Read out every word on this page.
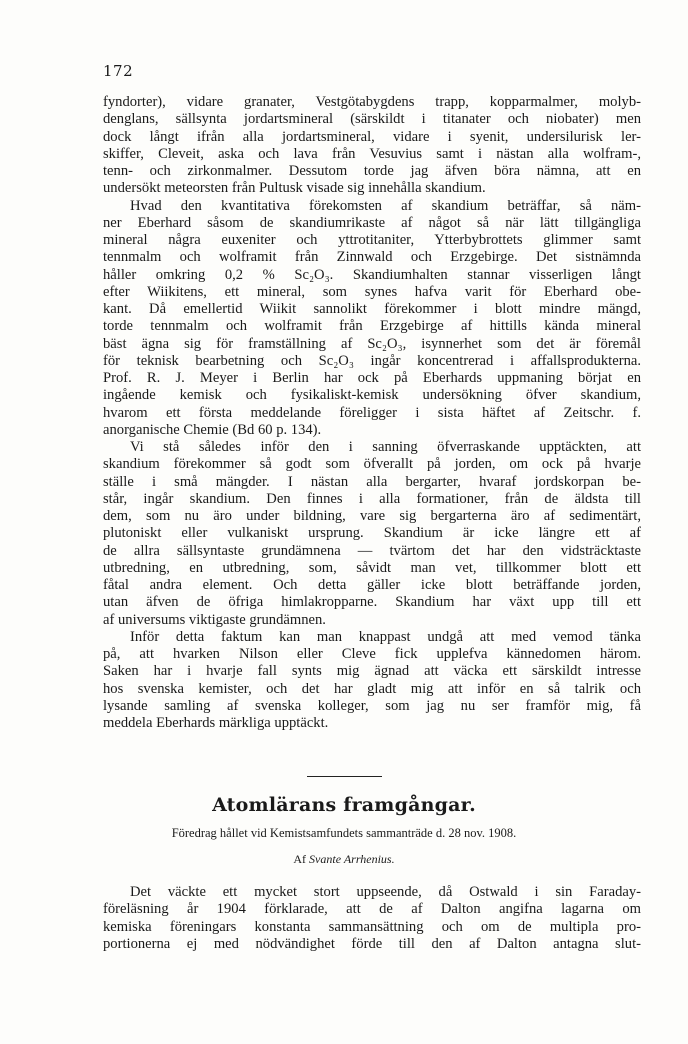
172

fyndorter), vidare granater, Vestgötabygdens trapp, kopparmalmer, molyb-
denglans, sällsynta jordartsmineral (särskildt i titanater och niobater) men
dock långt ifrån alla jordartsmineral, vidare i syenit, undersilurisk ler-
skiffer, Cleveit, aska och lava från Vesuvius samt i nästan alla wolfram-,
tenn- och zirkonmalmer. Dessutom torde jag äfven böra nämna, att en
undersökt meteorsten från Pultusk visade sig innehålla skandium.

Hvad den kvantitativa förekomsten af skandium beträffar, så näm-
ner Eberhard såsom de skandiumrikaste af något så när lätt tillgängliga
mineral några euxeniter och yttrotitaniter, Ytterbybrottets glimmer samt
tennmalm och wolframit från Zinnwald och Erzgebirge. Det sistnämnda
håller omkring 0,2 % Sc₂O₃. Skandiumhalten stannar visserligen långt
efter Wiikitens, ett mineral, som synes hafva varit för Eberhard obe-
kant. Då emellertid Wiikit sannolikt förekommer i blott mindre mängd,
torde tennmalm och wolframit från Erzgebirge af hittills kända mineral
bäst ägna sig för framställning af Sc₂O₃, isynnerhet som det är föremål
för teknisk bearbetning och Sc₂O₃ ingår koncentrerad i affallsprodukterna.
Prof. R. J. Meyer i Berlin har ock på Eberhards uppmaning börjat en
ingående kemisk och fysikaliskt-kemisk undersökning öfver skandium,
hvarom ett första meddelande föreligger i sista häftet af Zeitschr. f.
anorganische Chemie (Bd 60 p. 134).

Vi stå således inför den i sanning öfverraskande upptäckten, att
skandium förekommer så godt som öfverallt på jorden, om ock på hvarje
ställe i små mängder. I nästan alla bergarter, hvaraf jordskorpan be-
står, ingår skandium. Den finnes i alla formationer, från de äldsta till
dem, som nu äro under bildning, vare sig bergarterna äro af sedimentärt,
plutoniskt eller vulkaniskt ursprung. Skandium är icke längre ett af
de allra sällsyntaste grundämnena — tvärtom det har den vidsträcktaste
utbredning, en utbredning, som, såvidt man vet, tillkommer blott ett
fåtal andra element. Och detta gäller icke blott beträffande jorden,
utan äfven de öfriga himlakropparne. Skandium har växt upp till ett
af universums viktigaste grundämnen.

Inför detta faktum kan man knappast undgå att med vemod tänka
på, att hvarken Nilson eller Cleve fick upplefva kännedomen härom.
Saken har i hvarje fall synts mig ägnad att väcka ett särskildt intresse
hos svenska kemister, och det har gladt mig att inför en så talrik och
lysande samling af svenska kolleger, som jag nu ser framför mig, få
meddela Eberhards märkliga upptäckt.

Atomlärans framgångar.
Föredrag hållet vid Kemistsamfundets sammanträde d. 28 nov. 1908.
Af Svante Arrhenius.

Det väckte ett mycket stort uppseende, då Ostwald i sin Faraday-
föreläsning år 1904 förklarade, att de af Dalton angifna lagarna om
kemiska föreningars konstanta sammansättning och om de multipla pro-
portionerna ej med nödvändighet förde till den af Dalton antagna slut-
